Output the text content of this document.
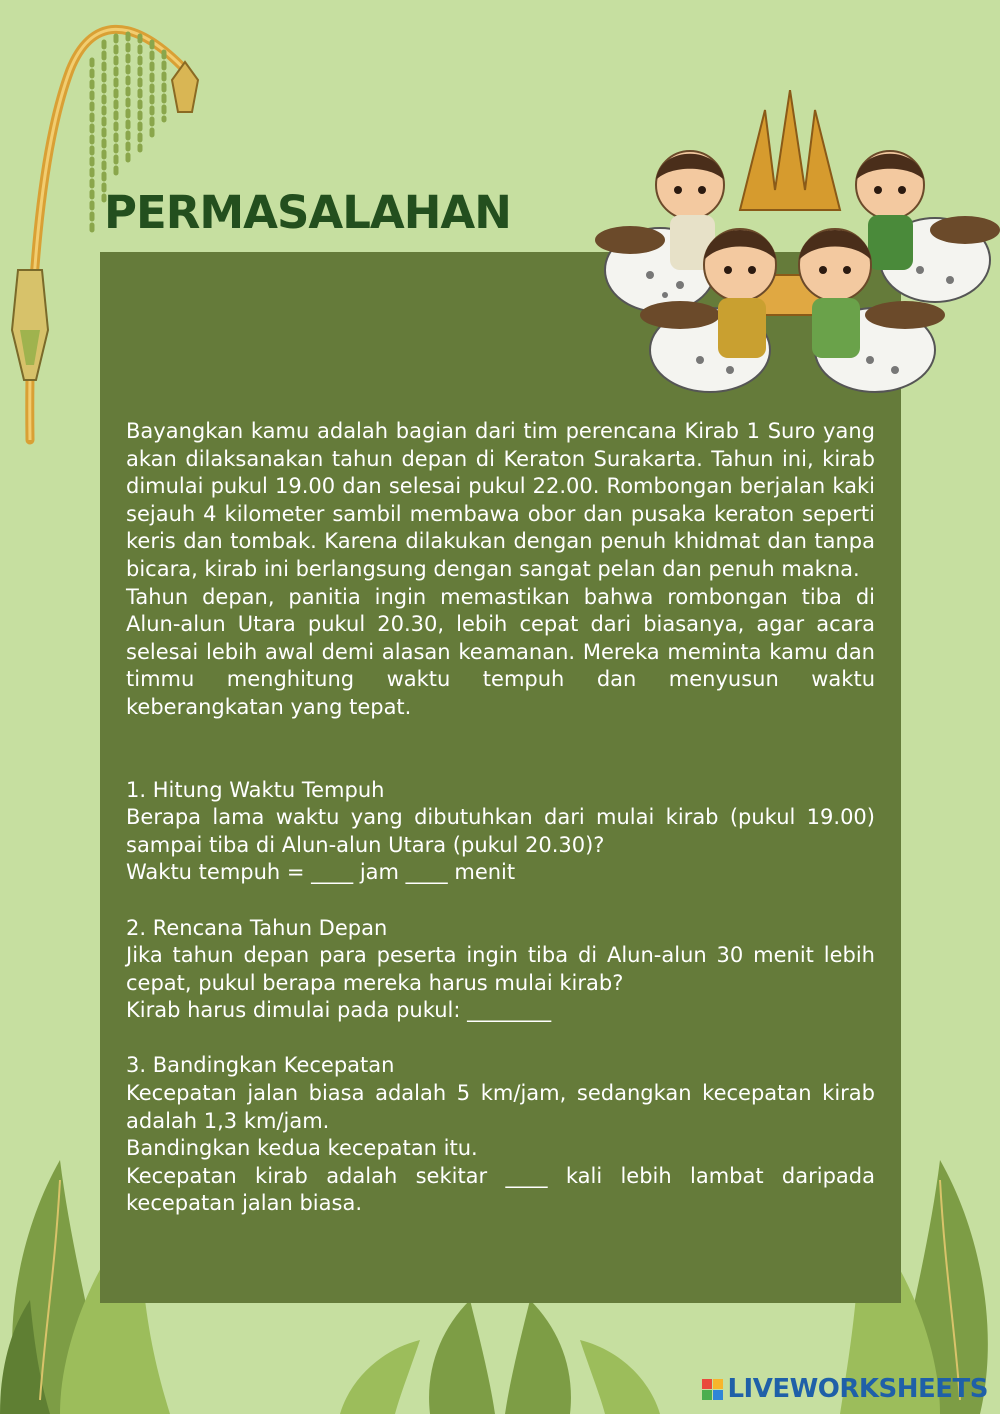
PERMASALAHAN

Bayangkan kamu adalah bagian dari tim perencana Kirab 1 Suro yang akan dilaksanakan tahun depan di Keraton Surakarta. Tahun ini, kirab dimulai pukul 19.00 dan selesai pukul 22.00. Rombongan berjalan kaki sejauh 4 kilometer sambil membawa obor dan pusaka keraton seperti keris dan tombak. Karena dilakukan dengan penuh khidmat dan tanpa bicara, kirab ini berlangsung dengan sangat pelan dan penuh makna.

Tahun depan, panitia ingin memastikan bahwa rombongan tiba di Alun-alun Utara pukul 20.30, lebih cepat dari biasanya, agar acara selesai lebih awal demi alasan keamanan. Mereka meminta kamu dan timmu menghitung waktu tempuh dan menyusun waktu keberangkatan yang tepat.

1. Hitung Waktu Tempuh

Berapa lama waktu yang dibutuhkan dari mulai kirab (pukul 19.00) sampai tiba di Alun-alun Utara (pukul 20.30)?

Waktu tempuh = ____ jam ____ menit

2. Rencana Tahun Depan

Jika tahun depan para peserta ingin tiba di Alun-alun 30 menit lebih cepat, pukul berapa mereka harus mulai kirab?

Kirab harus dimulai pada pukul: ________

3. Bandingkan Kecepatan

Kecepatan jalan biasa adalah 5 km/jam, sedangkan kecepatan kirab adalah 1,3 km/jam.

Bandingkan kedua kecepatan itu.

Kecepatan kirab adalah sekitar ____ kali lebih lambat daripada kecepatan jalan biasa.

LIVEWORKSHEETS
